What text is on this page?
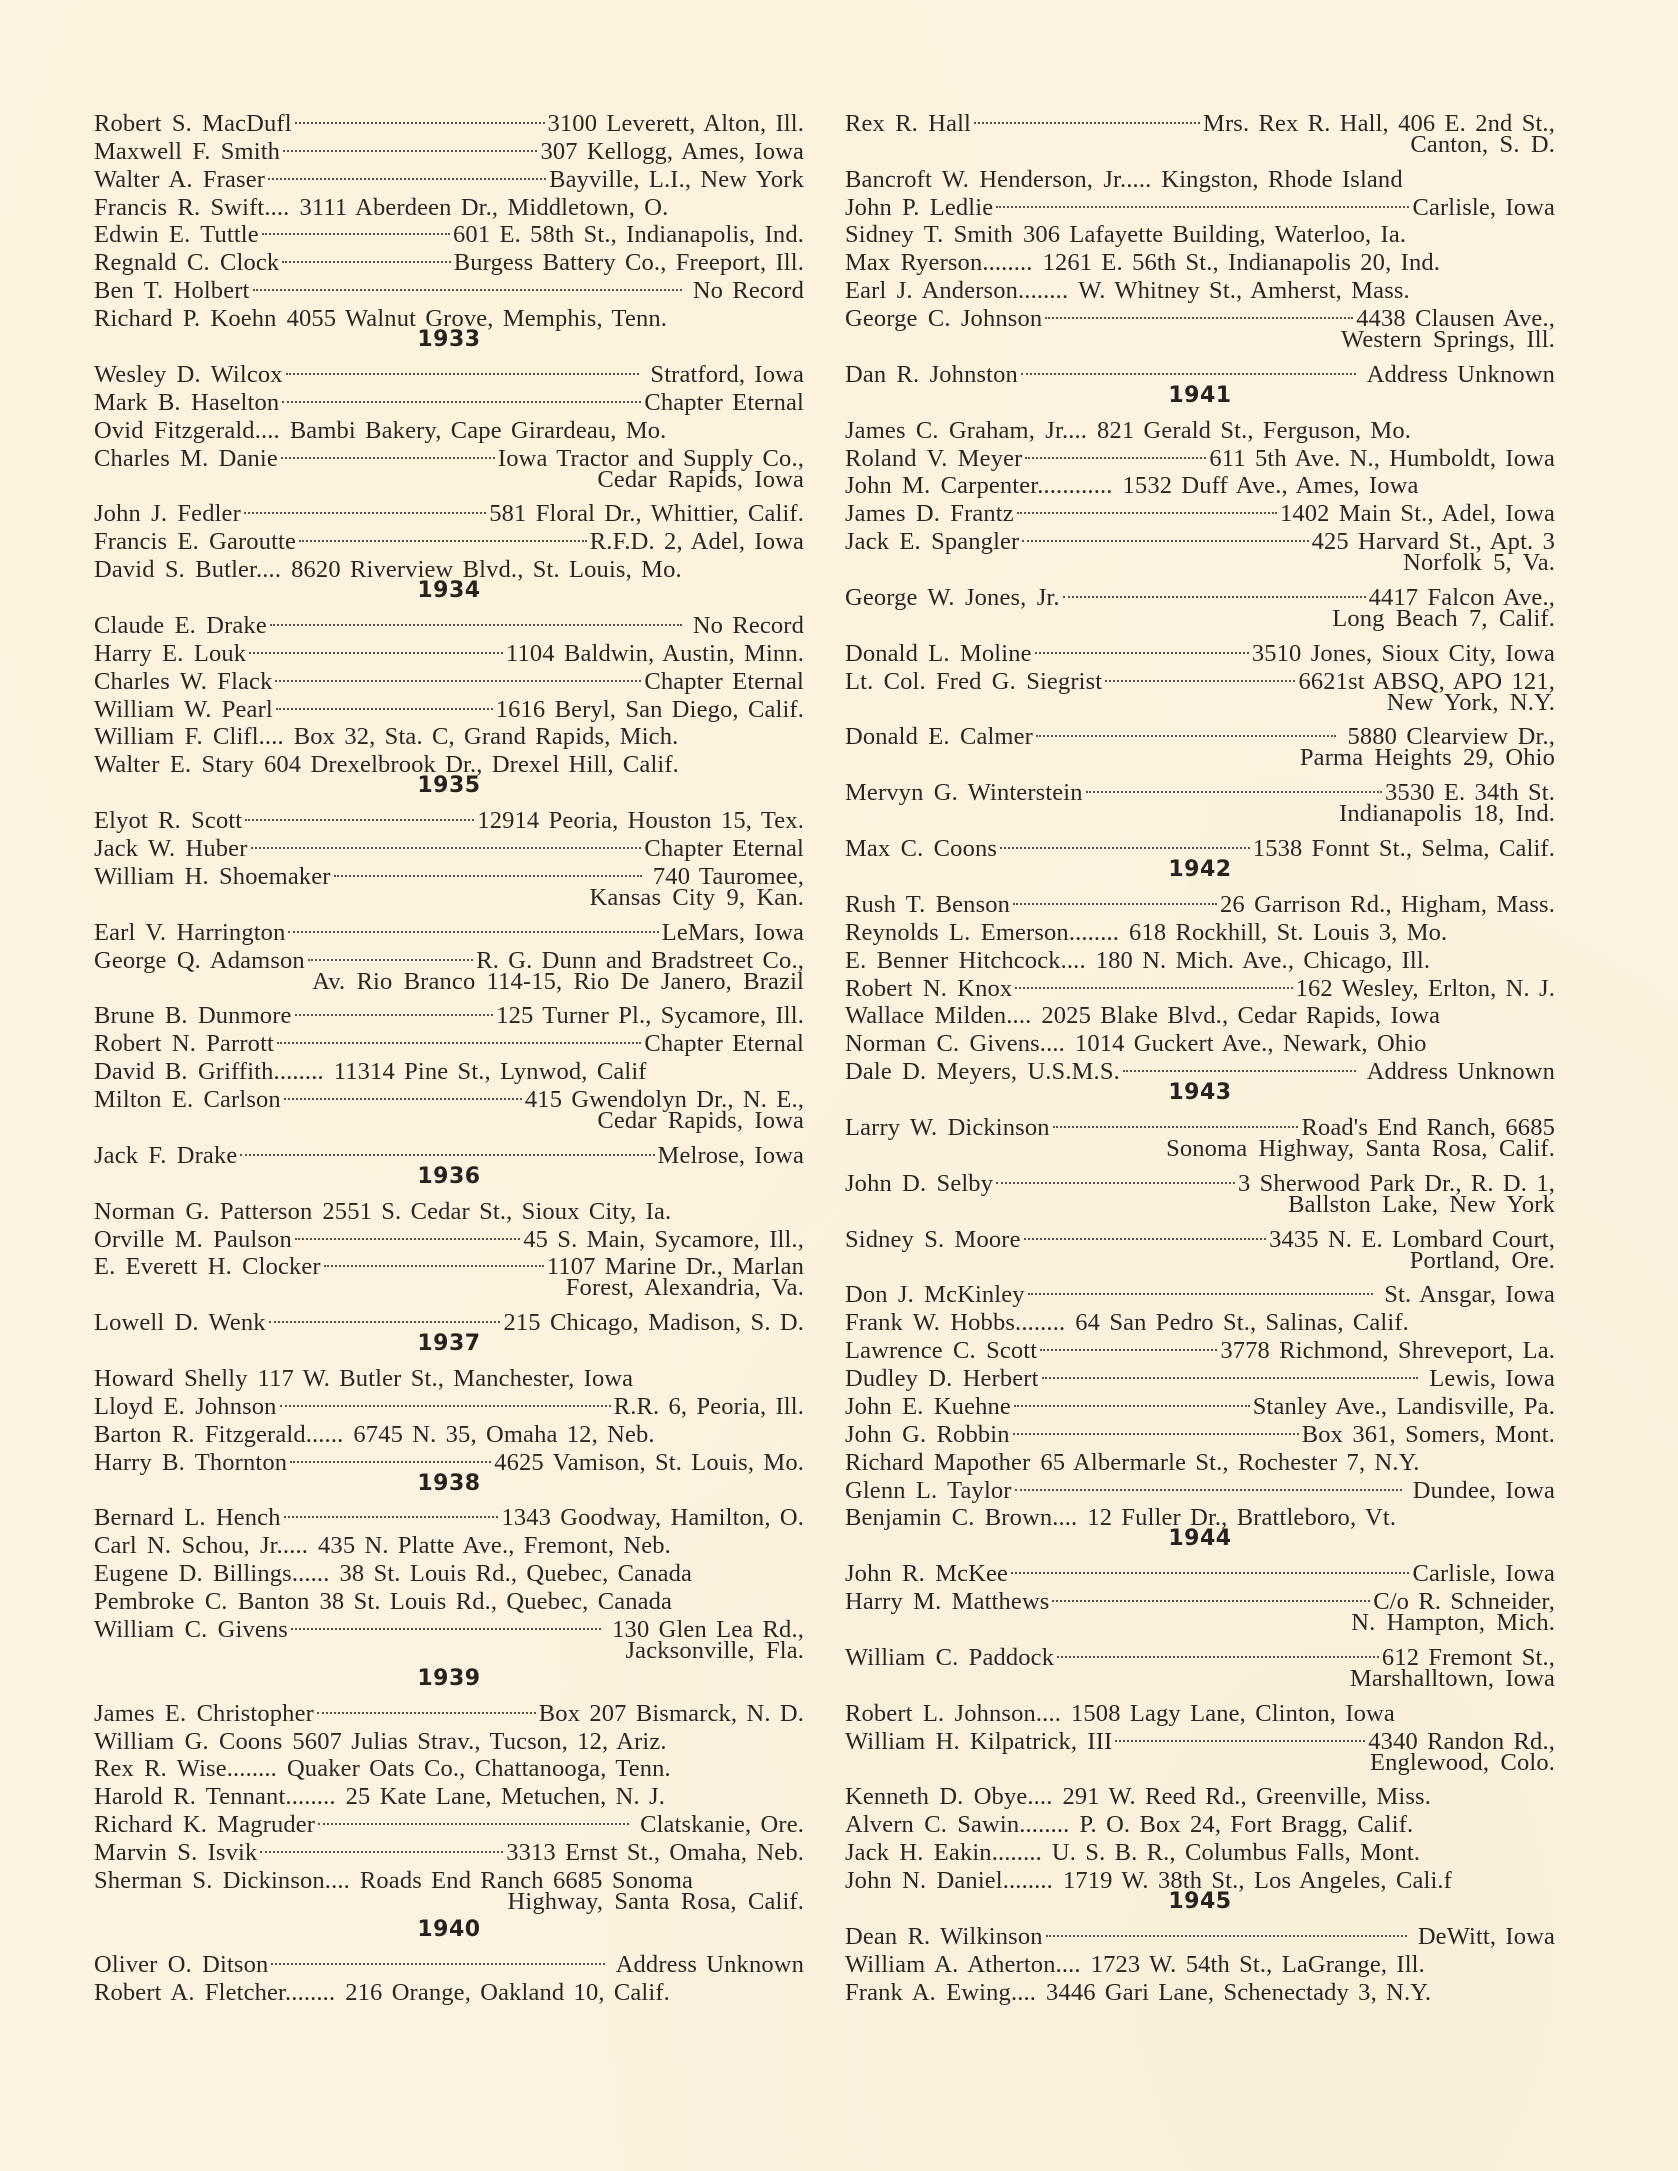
Robert S. MacDufl	3100 Leverett, Alton, Ill.
Maxwell F. Smith	307 Kellogg, Ames, Iowa
Walter A. Fraser	Bayville, L.I., New York
Francis R. Swift.... 3111 Aberdeen Dr., Middletown, O.
Edwin E. Tuttle	601 E. 58th St., Indianapolis, Ind.
Regnald C. Clock	Burgess Battery Co., Freeport, Ill.
Ben T. Holbert	No Record
Richard P. Koehn 4055 Walnut Grove, Memphis, Tenn.
1933
Wesley D. Wilcox	Stratford, Iowa
Mark B. Haselton	Chapter Eternal
Ovid Fitzgerald.... Bambi Bakery, Cape Girardeau, Mo.
Charles M. Danie	Iowa Tractor and Supply Co.,
Cedar Rapids, Iowa
John J. Fedler	581 Floral Dr., Whittier, Calif.
Francis E. Garoutte	R.F.D. 2, Adel, Iowa
David S. Butler.... 8620 Riverview Blvd., St. Louis, Mo.
1934
Claude E. Drake	No Record
Harry E. Louk	1104 Baldwin, Austin, Minn.
Charles W. Flack	Chapter Eternal
William W. Pearl	1616 Beryl, San Diego, Calif.
William F. Clifl.... Box 32, Sta. C, Grand Rapids, Mich.
Walter E. Stary 604 Drexelbrook Dr., Drexel Hill, Calif.
1935
Elyot R. Scott	12914 Peoria, Houston 15, Tex.
Jack W. Huber	Chapter Eternal
William H. Shoemaker	740 Tauromee,
Kansas City 9, Kan.
Earl V. Harrington	LeMars, Iowa
George Q. Adamson	R. G. Dunn and Bradstreet Co.,
Av. Rio Branco 114-15, Rio De Janero, Brazil
Brune B. Dunmore	125 Turner Pl., Sycamore, Ill.
Robert N. Parrott	Chapter Eternal
David B. Griffith........ 11314 Pine St., Lynwod, Calif
Milton E. Carlson	415 Gwendolyn Dr., N. E.,
Cedar Rapids, Iowa
Jack F. Drake	Melrose, Iowa
1936
Norman G. Patterson 2551 S. Cedar St., Sioux City, Ia.
Orville M. Paulson	45 S. Main, Sycamore, Ill.,
E. Everett H. Clocker	1107 Marine Dr., Marlan
Forest, Alexandria, Va.
Lowell D. Wenk	215 Chicago, Madison, S. D.
1937
Howard Shelly 117 W. Butler St., Manchester, Iowa
Lloyd E. Johnson	R.R. 6, Peoria, Ill.
Barton R. Fitzgerald...... 6745 N. 35, Omaha 12, Neb.
Harry B. Thornton	4625 Vamison, St. Louis, Mo.
1938
Bernard L. Hench	1343 Goodway, Hamilton, O.
Carl N. Schou, Jr..... 435 N. Platte Ave., Fremont, Neb.
Eugene D. Billings...... 38 St. Louis Rd., Quebec, Canada
Pembroke C. Banton 38 St. Louis Rd., Quebec, Canada
William C. Givens	130 Glen Lea Rd.,
Jacksonville, Fla.
1939
James E. Christopher	Box 207 Bismarck, N. D.
William G. Coons 5607 Julias Strav., Tucson, 12, Ariz.
Rex R. Wise........ Quaker Oats Co., Chattanooga, Tenn.
Harold R. Tennant........ 25 Kate Lane, Metuchen, N. J.
Richard K. Magruder	Clatskanie, Ore.
Marvin S. Isvik	3313 Ernst St., Omaha, Neb.
Sherman S. Dickinson.... Roads End Ranch 6685 Sonoma
Highway, Santa Rosa, Calif.
1940
Oliver O. Ditson	Address Unknown
Robert A. Fletcher........ 216 Orange, Oakland 10, Calif.
Rex R. Hall	Mrs. Rex R. Hall, 406 E. 2nd St.,
Canton, S. D.
Bancroft W. Henderson, Jr..... Kingston, Rhode Island
John P. Ledlie	Carlisle, Iowa
Sidney T. Smith 306 Lafayette Building, Waterloo, Ia.
Max Ryerson........ 1261 E. 56th St., Indianapolis 20, Ind.
Earl J. Anderson........ W. Whitney St., Amherst, Mass.
George C. Johnson	4438 Clausen Ave.,
Western Springs, Ill.
Dan R. Johnston	Address Unknown
1941
James C. Graham, Jr.... 821 Gerald St., Ferguson, Mo.
Roland V. Meyer	611 5th Ave. N., Humboldt, Iowa
John M. Carpenter............ 1532 Duff Ave., Ames, Iowa
James D. Frantz	1402 Main St., Adel, Iowa
Jack E. Spangler	425 Harvard St., Apt. 3
Norfolk 5, Va.
George W. Jones, Jr.	4417 Falcon Ave.,
Long Beach 7, Calif.
Donald L. Moline	3510 Jones, Sioux City, Iowa
Lt. Col. Fred G. Siegrist	6621st ABSQ, APO 121,
New York, N.Y.
Donald E. Calmer	5880 Clearview Dr.,
Parma Heights 29, Ohio
Mervyn G. Winterstein	3530 E. 34th St.
Indianapolis 18, Ind.
Max C. Coons	1538 Fonnt St., Selma, Calif.
1942
Rush T. Benson	26 Garrison Rd., Higham, Mass.
Reynolds L. Emerson........ 618 Rockhill, St. Louis 3, Mo.
E. Benner Hitchcock.... 180 N. Mich. Ave., Chicago, Ill.
Robert N. Knox	162 Wesley, Erlton, N. J.
Wallace Milden.... 2025 Blake Blvd., Cedar Rapids, Iowa
Norman C. Givens.... 1014 Guckert Ave., Newark, Ohio
Dale D. Meyers, U.S.M.S.	Address Unknown
1943
Larry W. Dickinson	Road's End Ranch, 6685
Sonoma Highway, Santa Rosa, Calif.
John D. Selby	3 Sherwood Park Dr., R. D. 1,
Ballston Lake, New York
Sidney S. Moore	3435 N. E. Lombard Court,
Portland, Ore.
Don J. McKinley	St. Ansgar, Iowa
Frank W. Hobbs........ 64 San Pedro St., Salinas, Calif.
Lawrence C. Scott	3778 Richmond, Shreveport, La.
Dudley D. Herbert	Lewis, Iowa
John E. Kuehne	Stanley Ave., Landisville, Pa.
John G. Robbin	Box 361, Somers, Mont.
Richard Mapother 65 Albermarle St., Rochester 7, N.Y.
Glenn L. Taylor	Dundee, Iowa
Benjamin C. Brown.... 12 Fuller Dr., Brattleboro, Vt.
1944
John R. McKee	Carlisle, Iowa
Harry M. Matthews	C/o R. Schneider,
N. Hampton, Mich.
William C. Paddock	612 Fremont St.,
Marshalltown, Iowa
Robert L. Johnson.... 1508 Lagy Lane, Clinton, Iowa
William H. Kilpatrick, III	4340 Randon Rd.,
Englewood, Colo.
Kenneth D. Obye.... 291 W. Reed Rd., Greenville, Miss.
Alvern C. Sawin........ P. O. Box 24, Fort Bragg, Calif.
Jack H. Eakin........ U. S. B. R., Columbus Falls, Mont.
John N. Daniel........ 1719 W. 38th St., Los Angeles, Cali.f
1945
Dean R. Wilkinson	DeWitt, Iowa
William A. Atherton.... 1723 W. 54th St., LaGrange, Ill.
Frank A. Ewing.... 3446 Gari Lane, Schenectady 3, N.Y.
